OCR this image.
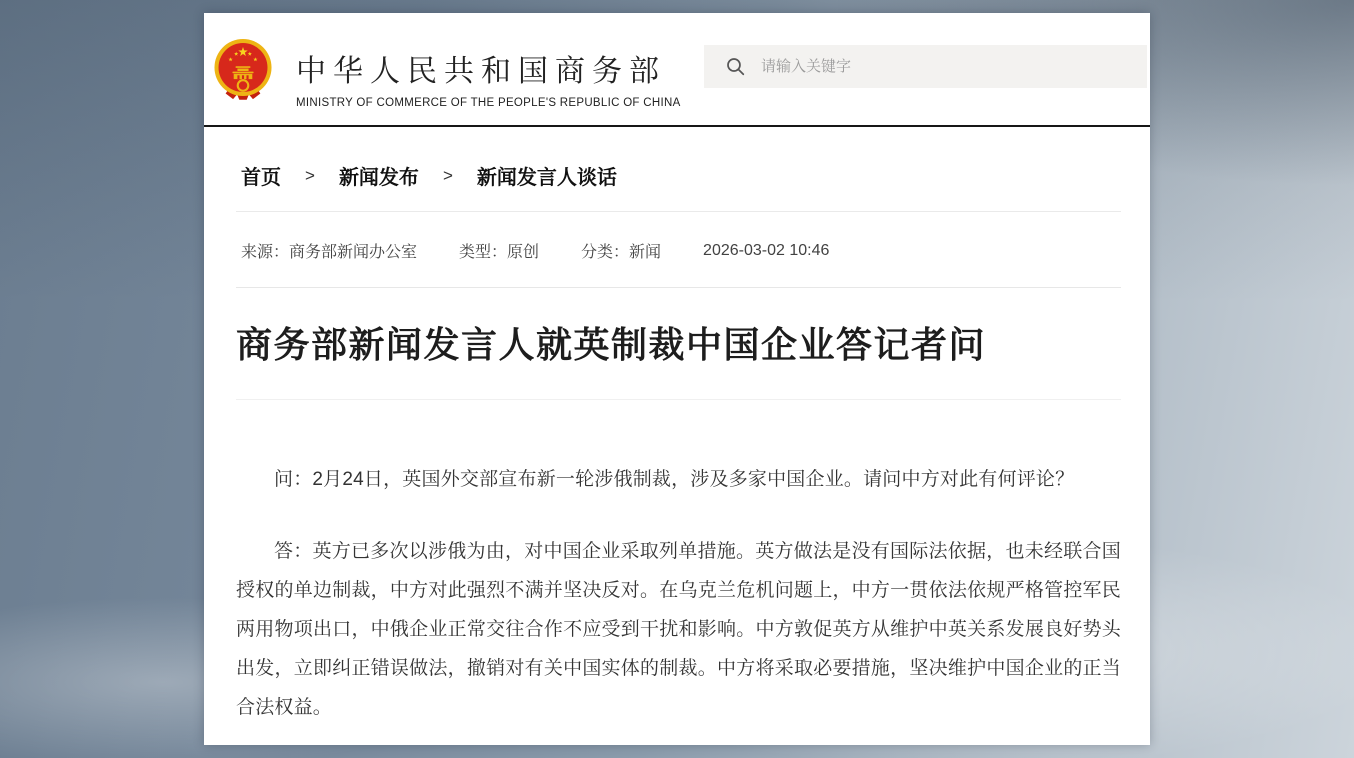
中华人民共和国商务部
MINISTRY OF COMMERCE OF THE PEOPLE'S REPUBLIC OF CHINA
请输入关键字
首页 > 新闻发布 > 新闻发言人谈话
来源：商务部新闻办公室	类型：原创	分类：新闻	2026-03-02 10:46
商务部新闻发言人就英制裁中国企业答记者问

问：2月24日，英国外交部宣布新一轮涉俄制裁，涉及多家中国企业。请问中方对此有何评论？

答：英方已多次以涉俄为由，对中国企业采取列单措施。英方做法是没有国际法依据，也未经联合国授权的单边制裁，中方对此强烈不满并坚决反对。在乌克兰危机问题上，中方一贯依法依规严格管控军民两用物项出口，中俄企业正常交往合作不应受到干扰和影响。中方敦促英方从维护中英关系发展良好势头出发，立即纠正错误做法，撤销对有关中国实体的制裁。中方将采取必要措施，坚决维护中国企业的正当合法权益。
